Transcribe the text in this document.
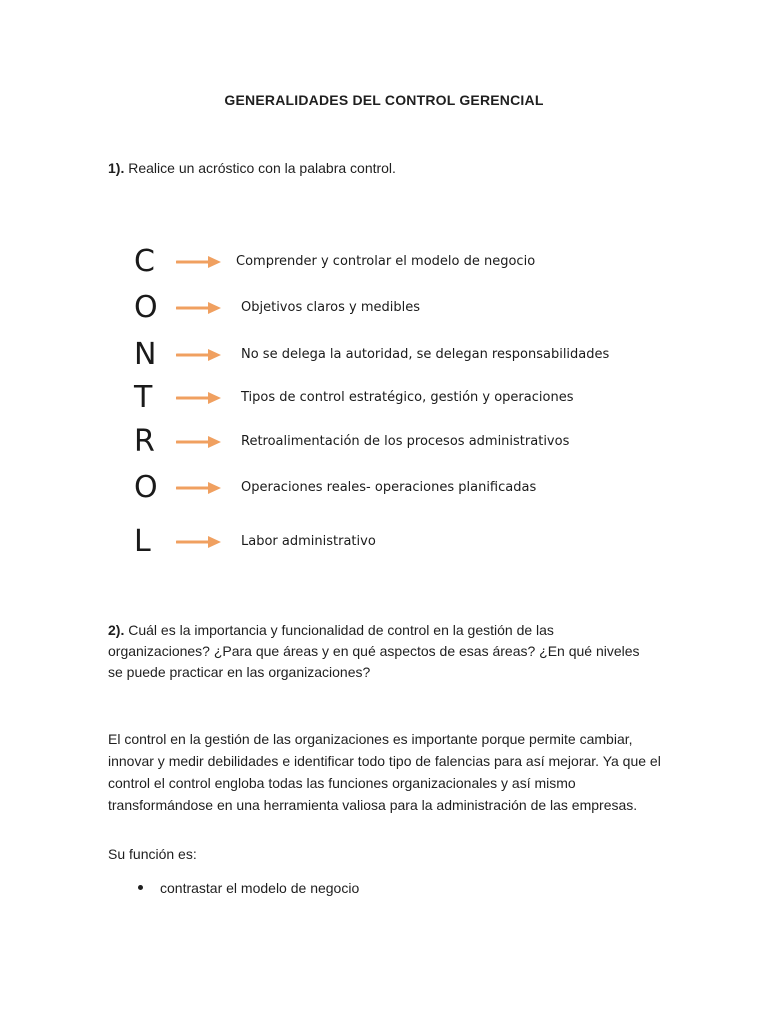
GENERALIDADES DEL CONTROL GERENCIAL
1). Realice un acróstico con la palabra control.
C	Comprender y controlar el modelo de negocio
O	Objetivos claros y medibles
N	No se delega la autoridad, se delegan responsabilidades
T	Tipos de control estratégico, gestión y operaciones
R	Retroalimentación de los procesos administrativos
O	Operaciones reales- operaciones planificadas
L	Labor administrativo
2). Cuál es la importancia y funcionalidad de control en la gestión de las organizaciones? ¿Para que áreas y en qué aspectos de esas áreas? ¿En qué niveles se puede practicar en las organizaciones?
El control en la gestión de las organizaciones es importante porque permite cambiar, innovar y medir debilidades e identificar todo tipo de falencias para así mejorar. Ya que el control el control engloba todas las funciones organizacionales y así mismo transformándose en una herramienta valiosa para la administración de las empresas.
Su función es:
contrastar el modelo de negocio
